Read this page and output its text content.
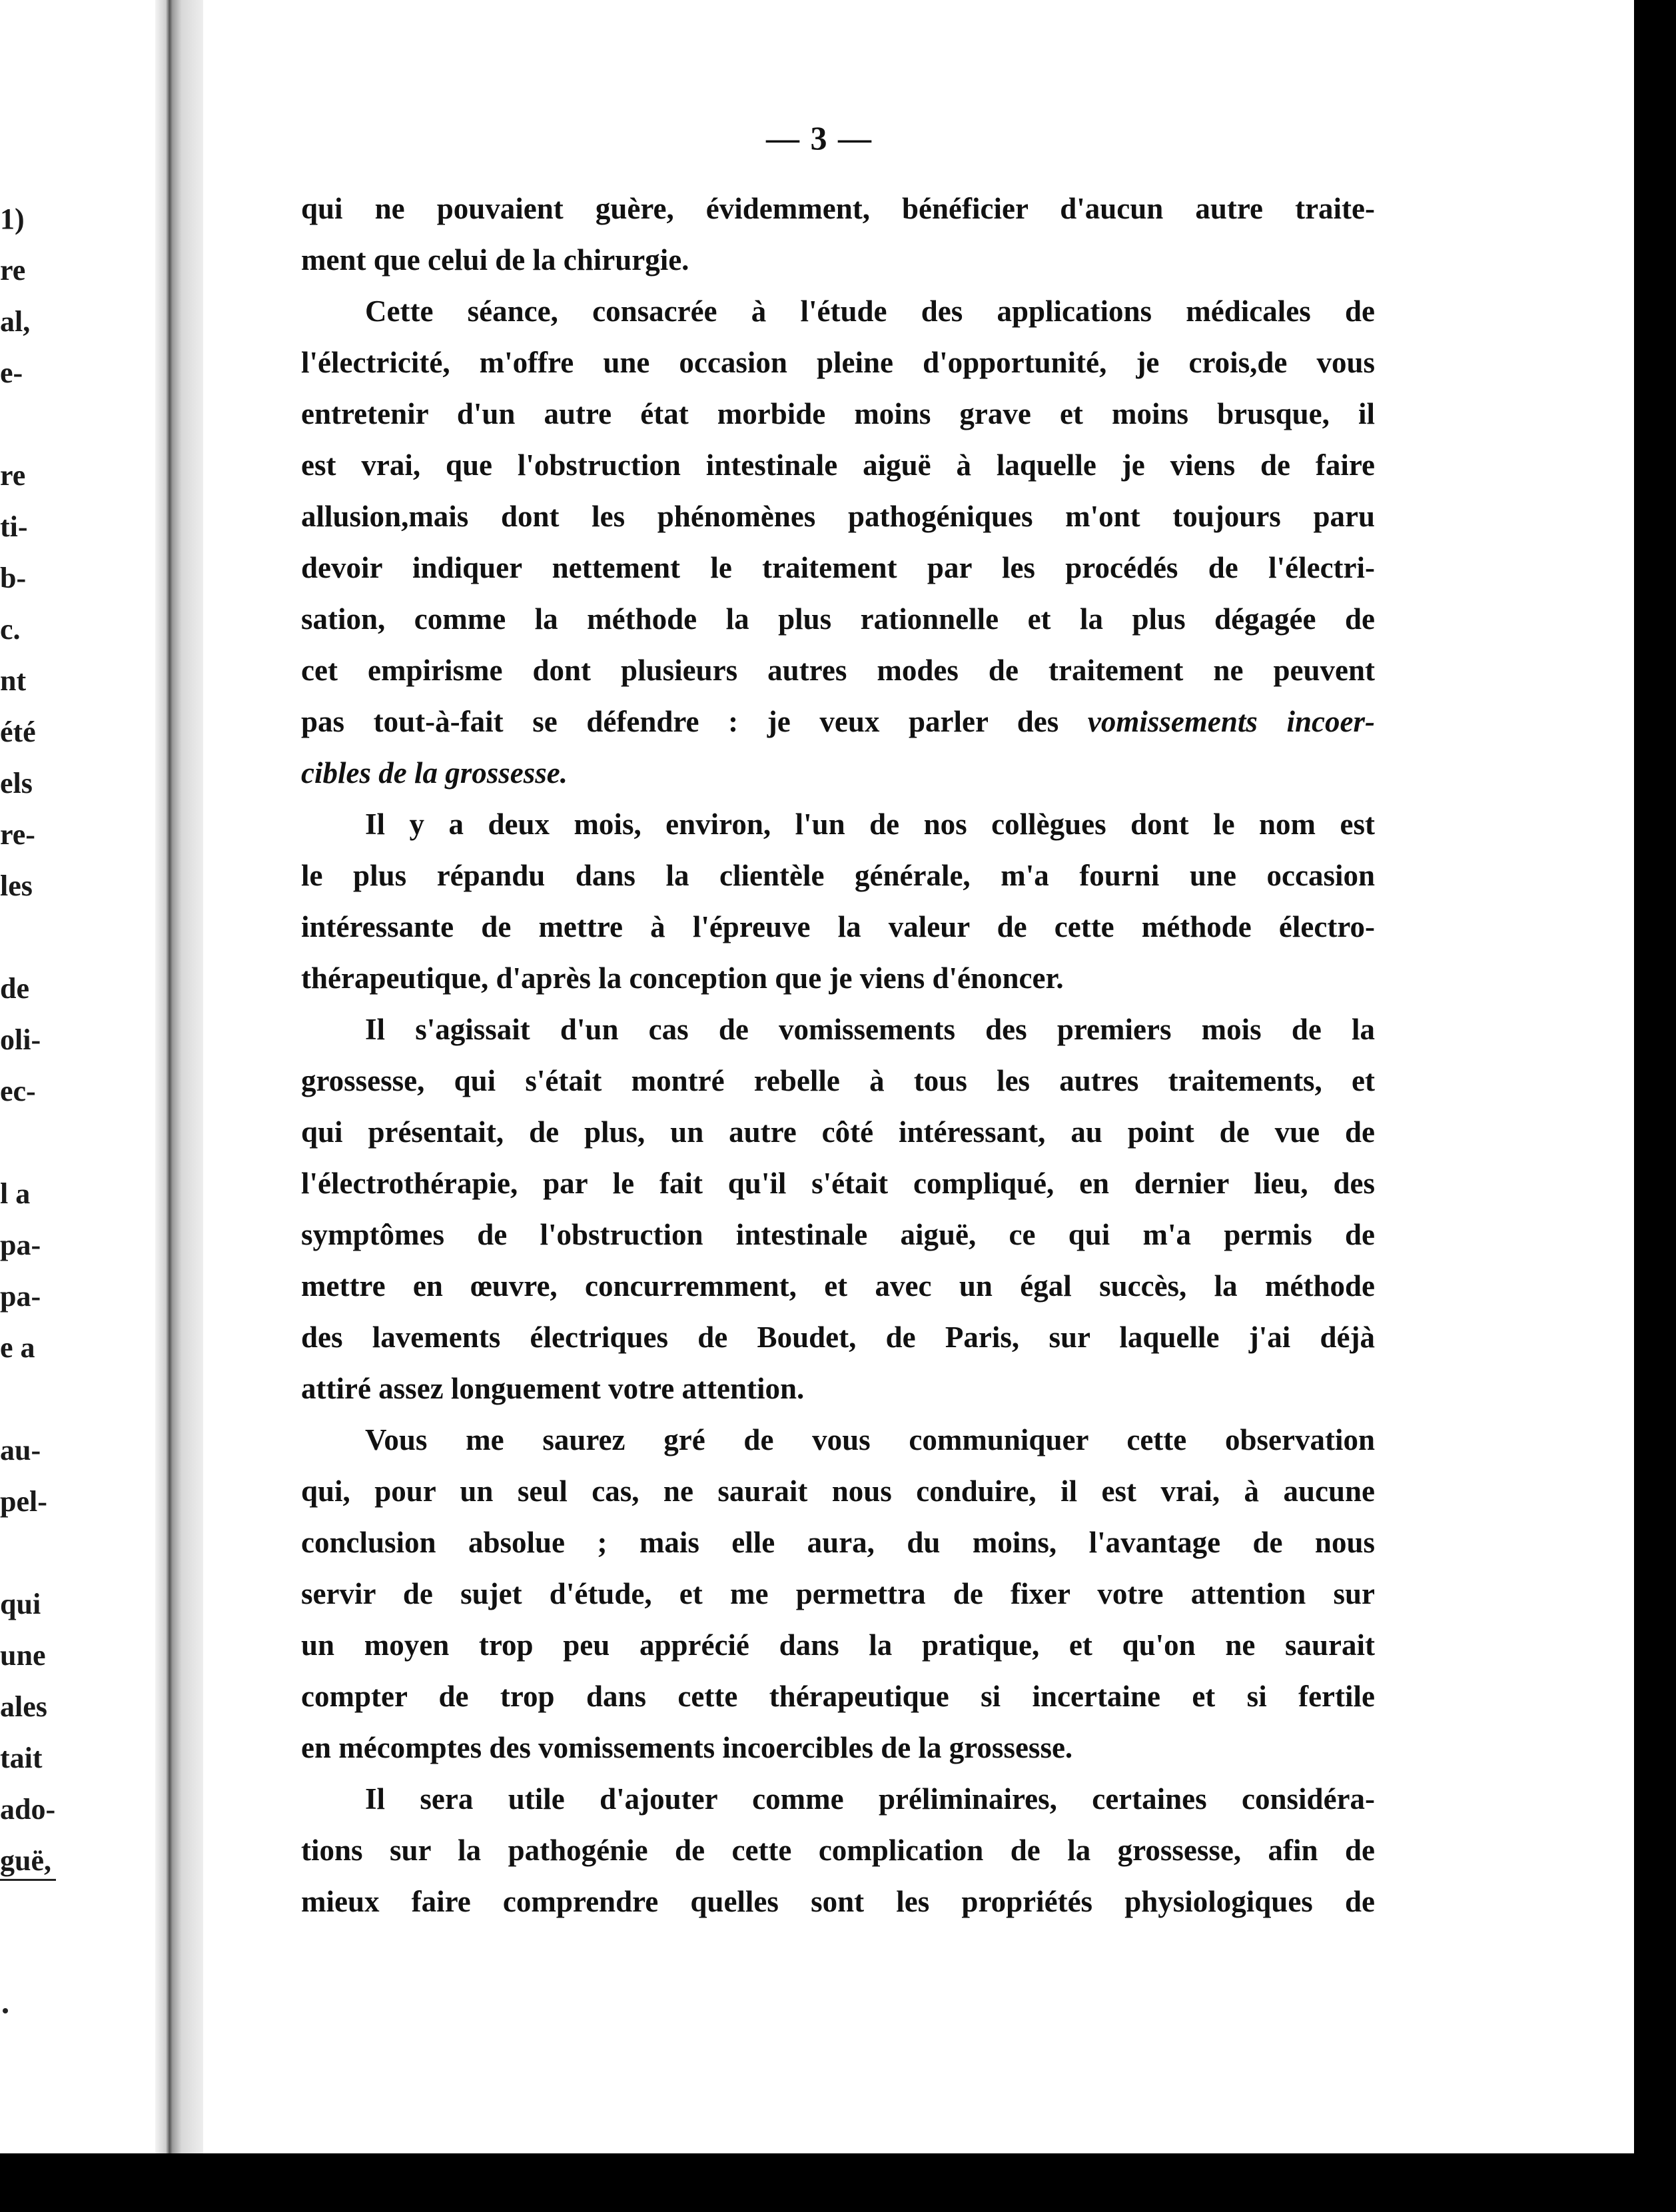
1)
re
al,
e-
re
ti-
b-
c.
nt
été
els
re-
les
de
oli-
ec-
l a
pa-
pa-
e a
au-
pel-
qui
une
ales
tait
ado-
guë,
— 3 —
qui ne pouvaient guère, évidemment, bénéficier d'aucun autre traite-
ment que celui de la chirurgie.
Cette séance, consacrée à l'étude des applications médicales de
l'électricité, m'offre une occasion pleine d'opportunité, je crois,de vous
entretenir d'un autre état morbide moins grave et moins brusque, il
est vrai, que l'obstruction intestinale aiguë à laquelle je viens de faire
allusion,mais dont les phénomènes pathogéniques m'ont toujours paru
devoir indiquer nettement le traitement par les procédés de l'électri-
sation, comme la méthode la plus rationnelle et la plus dégagée de
cet empirisme dont plusieurs autres modes de traitement ne peuvent
pas tout-à-fait se défendre : je veux parler des vomissements incoer-
cibles de la grossesse.
Il y a deux mois, environ, l'un de nos collègues dont le nom est
le plus répandu dans la clientèle générale, m'a fourni une occasion
intéressante de mettre à l'épreuve la valeur de cette méthode électro-
thérapeutique, d'après la conception que je viens d'énoncer.
Il s'agissait d'un cas de vomissements des premiers mois de la
grossesse, qui s'était montré rebelle à tous les autres traitements, et
qui présentait, de plus, un autre côté intéressant, au point de vue de
l'électrothérapie, par le fait qu'il s'était compliqué, en dernier lieu, des
symptômes de l'obstruction intestinale aiguë, ce qui m'a permis de
mettre en œuvre, concurremment, et avec un égal succès, la méthode
des lavements électriques de Boudet, de Paris, sur laquelle j'ai déjà
attiré assez longuement votre attention.
Vous me saurez gré de vous communiquer cette observation
qui, pour un seul cas, ne saurait nous conduire, il est vrai, à aucune
conclusion absolue ; mais elle aura, du moins, l'avantage de nous
servir de sujet d'étude, et me permettra de fixer votre attention sur
un moyen trop peu apprécié dans la pratique, et qu'on ne saurait
compter de trop dans cette thérapeutique si incertaine et si fertile
en mécomptes des vomissements incoercibles de la grossesse.
Il sera utile d'ajouter comme préliminaires, certaines considéra-
tions sur la pathogénie de cette complication de la grossesse, afin de
mieux faire comprendre quelles sont les propriétés physiologiques de
